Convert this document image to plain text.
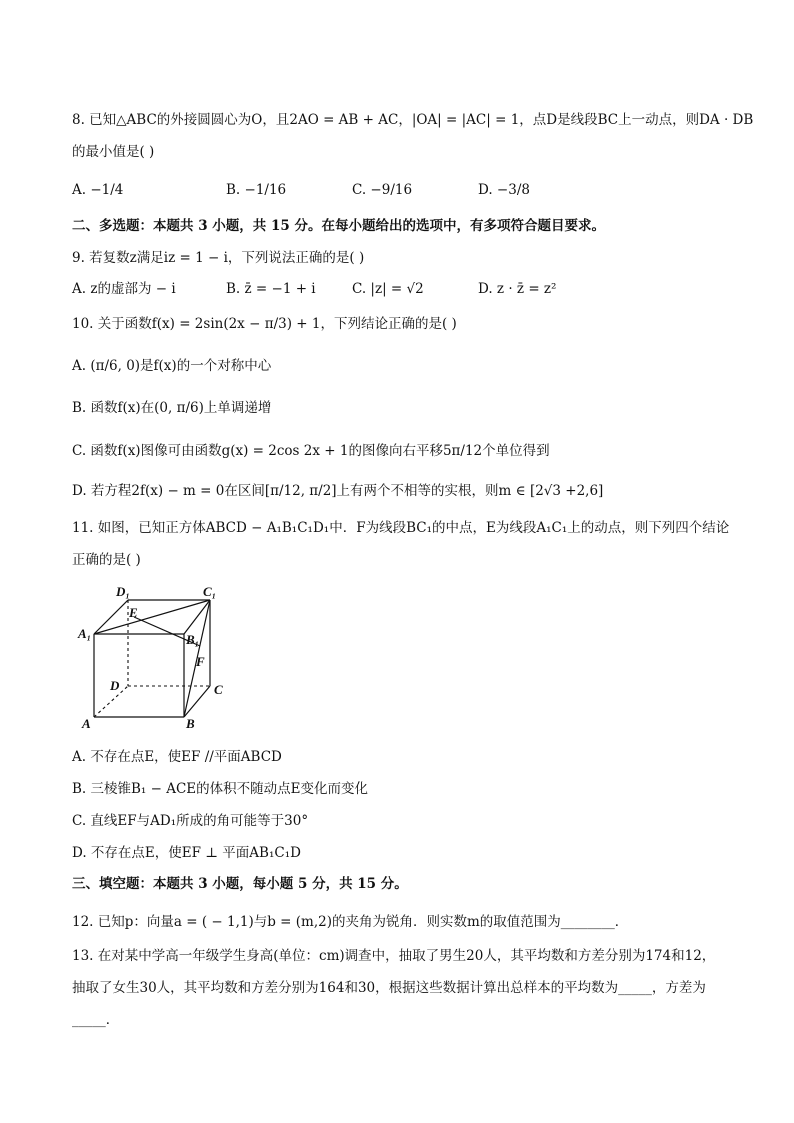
8. 已知△ABC的外接圆圆心为O，且2AO = AB + AC，|OA| = |AC| = 1，点D是线段BC上一动点，则DA · DB
的最小值是( )
A. −1/4	B. −1/16	C. −9/16	D. −3/8
二、多选题：本题共 3 小题，共 15 分。在每小题给出的选项中，有多项符合题目要求。
9. 若复数z满足iz = 1 − i，下列说法正确的是( )
A. z的虚部为 − i	B. z̄ = −1 + i	C. |z| = √2	D. z · z̄ = z²
10. 关于函数f(x) = 2sin(2x − π/3) + 1，下列结论正确的是( )
A. (π/6, 0)是f(x)的一个对称中心
B. 函数f(x)在(0, π/6)上单调递增
C. 函数f(x)图像可由函数g(x) = 2cos 2x + 1的图像向右平移5π/12个单位得到
D. 若方程2f(x) − m = 0在区间[π/12, π/2]上有两个不相等的实根，则m ∈ [2√3 +2,6]
11. 如图，已知正方体ABCD − A₁B₁C₁D₁中．F为线段BC₁的中点，E为线段A₁C₁上的动点，则下列四个结论
正确的是( )
D₁	C₁
E
A₁	B₁
F
D	C
A	B
A. 不存在点E，使EF //平面ABCD
B. 三棱锥B₁ − ACE的体积不随动点E变化而变化
C. 直线EF与AD₁所成的角可能等于30°
D. 不存在点E，使EF ⊥ 平面AB₁C₁D
三、填空题：本题共 3 小题，每小题 5 分，共 15 分。
12. 已知p：向量a = ( − 1,1)与b = (m,2)的夹角为锐角．则实数m的取值范围为________．
13. 在对某中学高一年级学生身高(单位：cm)调查中，抽取了男生20人，其平均数和方差分别为174和12，
抽取了女生30人，其平均数和方差分别为164和30，根据这些数据计算出总样本的平均数为_____，方差为
_____．
